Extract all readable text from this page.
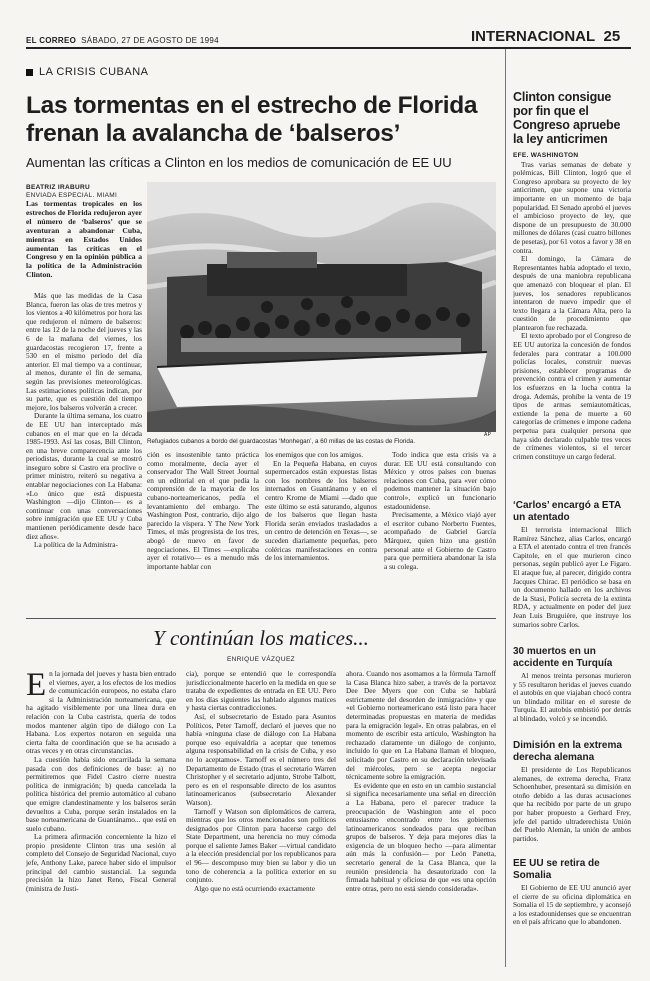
EL CORREO SÁBADO, 27 DE AGOSTO DE 1994	INTERNACIONAL 25
LA CRISIS CUBANA
Las tormentas en el estrecho de Florida frenan la avalancha de ‘balseros’
Aumentan las críticas a Clinton en los medios de comunicación de EE UU
BEATRIZ IRABURU
ENVIADA ESPECIAL. MIAMI
Las tormentas tropicales en los estrechos de Florida redujeron ayer el número de ‘balseros’ que se aventuran a abandonar Cuba, mientras en Estados Unidos aumentan las críticas en el Congreso y en la opinión pública a la política de la Administración Clinton.

Más que las medidas de la Casa Blanca, fueron las olas de tres metros y los vientos a 40 kilómetros por hora las que redujeron el número de balseros: entre las 12 de la noche del jueves y las 6 de la mañana del viernes, los guardacostas recogieron 17, frente a 530 en el mismo período del día anterior. El mal tiempo va a continuar, al menos, durante el fin de semana, según las previsiones meteorológicas. Las estimaciones políticas indican, por su parte, que es cuestión del tiempo mejore, los balseros volverán a crecer.

Durante la última semana, los cuatro de EE UU han interceptado más cubanos en el mar que en la década 1985-1993. Así las cosas, Bill Clinton, en una breve comparecencia ante los periodistas, durante la cual se mostró inseguro sobre si Castro era proclive o primer ministro, reiteró su negativa a entablar negociaciones con La Habana: «Lo único que está dispuesta Washington —dijo Clinton— es a continuar con unas conversaciones sobre inmigración que EE UU y Cuba mantienen periódicamente desde hace diez años».

La política de la Administra-

Refugiados cubanos a bordo del guardacostas ‘Monhegan’, a 60 millas de las costas de Florida.
AP

ción es insostenible tanto práctica como moralmente, decía ayer el conservador The Wall Street Journal en un editorial en el que pedía la comprensión de la mayoría de los cubano-norteamericanos, pedía el levantamiento del embargo. The Washington Post, contrario, dijo algo parecido la víspera. Y The New York Times, el más progresista de los tres, abogó de nuevo en favor de negociaciones. El Times —explicaba ayer el rotativo— es a menudo más importante hablar con

los enemigos que con los amigos.

En la Pequeña Habana, en cuyos supermercados están expuestas listas con los nombres de los balseros internados en Guantánamo y en el centro Krome de Miami —dado que este último se está saturando, algunos de los balseros que llegan hasta Florida serán enviados trasladados a un centro de detención en Texas—, se suceden diariamente pequeñas, pero coléricas manifestaciones en contra de los internamientos.

Todo indica que esta crisis va a durar. EE UU está consultando con México y otros países con buenas relaciones con Cuba, para «ver cómo podemos mantener la situación bajo control», explicó un funcionario estadounidense.

Precisamente, a México viajó ayer el escritor cubano Norberto Fuentes, acompañado de Gabriel García Márquez, quien hizo una gestión personal ante el Gobierno de Castro para que permitiera abandonar la isla a su colega.

Y continúan los matices...
ENRIQUE VÁZQUEZ
E n la jornada del jueves y hasta bien entrado el viernes, ayer, a los efectos de los medios de comunicación europeos, no estaba claro si la Administración norteamericana, que ha agitado visiblemente por una línea dura en relación con la Cuba castrista, quería de todos modos mantener algún tipo de diálogo con La Habana. Los expertos notaron en seguida una cierta falta de coordinación que se ha acusado a otras veces y en otras circunstancias.

La cuestión había sido encarrilada la semana pasada con dos definiciones de base: a) no permitiremos que Fidel Castro cierre nuestra política de inmigración; b) queda cancelada la política histórica del premio automático al cubano que emigre clandestinamente y los balseros serán devueltos a Cuba, porque serán instalados en la base norteamericana de Guantánamo... que está en suelo cubano.

La primera afirmación concerniente la hizo el propio presidente Clinton tras una sesión al completo del Consejo de Seguridad Nacional, cuyo jefe, Anthony Lake, parece haber sido el impulsor principal del cambio sustancial. La segunda precisión la hizo Janet Reno, Fiscal General (ministra de Justi-

cia), porque se entendió que le correspondía jurisdiccionalmente hacerlo en la medida en que se trataba de expedientes de entrada en EE UU. Pero en los días siguientes las hablado algunos matices y hasta ciertas contradicciones.

Así, el subsecretario de Estado para Asuntos Políticos, Peter Tarnoff, declaró el jueves que no había «ninguna clase de diálogo con La Habana porque eso equivaldría a aceptar que tenemos alguna responsabilidad en la crisis de Cuba, y eso no lo aceptamos». Tarnoff es el número tres del Departamento de Estado (tras el secretario Warren Christopher y el secretario adjunto, Strobe Talbott, pero es en el responsable directo de los asuntos latinoamericanos (subsecretario Alexander Watson).

Tarnoff y Watson son diplomáticos de carrera, mientras que los otros mencionados son políticos designados por Clinton para hacerse cargo del State Department, una herencia no muy cómoda porque el saliente James Baker —virtual candidato a la elección presidencial por los republicanos para el 96— descompuso muy bien su labor y dio un tono de coherencia a la política exterior en su conjunto.

Algo que no está ocurriendo exactamente

ahora. Cuando nos asomamos a la fórmula Tarnoff la Casa Blanca hizo saber, a través de la portavoz Dee Dee Myers que con Cuba se hablará estrictamente del desorden de inmigración» y que «el Gobierno norteamericano está listo para hacer determinadas propuestas en materia de medidas para la emigración legal». En otras palabras, en el momento de escribir esta artículo, Washington ha rechazado claramente un diálogo de conjunto, incluido lo que en La Habana llaman el bloqueo, solicitado por Castro en su declaración televisada del miércoles, pero se acepta negociar técnicamente sobre la emigración.

Es evidente que en esto en un cambio sustancial si significa necesariamente una señal en dirección a La Habana, pero el parecer traduce la preocupación de Washington ante el poco entusiasmo encontrado entre los gobiernos latinoamericanos sondeados para que reciban grupos de balseros. Y deja para mejores días la exigencia de un bloqueo hecho —para alimentar aún más la confusión— por León Panetta, secretario general de la Casa Blanca, que la reunión presidencia ha desautorizado con la firmada habitual y oficiosa de que «es una opción entre otras, pero no está siendo considerada».

Clinton consigue por fin que el Congreso apruebe la ley anticrimen
EFE. WASHINGTON

Tras varias semanas de debate y polémicas, Bill Clinton, logró que el Congreso aprobara su proyecto de ley anticrimen, que supone una victoria importante en un momento de baja popularidad. El Senado aprobó el jueves el ambicioso proyecto de ley, que dispone de un presupuesto de 30.000 millones de dólares (casi cuatro billones de pesetas), por 61 votos a favor y 38 en contra.

El domingo, la Cámara de Representantes había adoptado el texto, después de una maniobra republicana que amenazó con bloquear el plan. El jueves, los senadores republicanos intentaron de nuevo impedir que el texto llegara a la Cámara Alta, pero la cuestión de procedimiento que plantearon fue rechazada.

El texto aprobado por el Congreso de EE UU autoriza la concesión de fondos federales para contratar a 100.000 policías locales, construir nuevas prisiones, establecer programas de prevención contra el crimen y aumentar los esfuerzos en la lucha contra la droga. Además, prohíbe la venta de 19 tipos de armas semiautomáticas, extiende la pena de muerte a 60 categorías de crímenes e impone cadena perpetua para cualquier persona que haya sido declarado culpable tres veces de crímenes violentos, si el tercer crimen constituye un cargo federal.

‘Carlos’ encargó a ETA un atentado

El terrorista internacional Illich Ramírez Sánchez, alias Carlos, encargó a ETA el atentado contra el tren francés Capitole, en el que murieron cinco personas, según publicó ayer Le Figaro. El ataque fue, al parecer, dirigido contra Jacques Chirac. El periódico se basa en un documento hallado en los archivos de la Stasi, Policía secreta de la extinta RDA, y actualmente en poder del juez Jean Luis Bruguière, que instruye los sumarios sobre Carlos.

30 muertos en un accidente en Turquía

Al menos treinta personas murieron y 55 resultaron heridas el jueves cuando el autobús en que viajaban chocó contra un blindado militar en el sureste de Turquía. El autobús embistió por detrás al blindado, volcó y se incendió.

Dimisión en la extrema derecha alemana

El presidente de Los Republicanos alemanes, de extrema derecha, Franz Schoenhuber, presentará su dimisión en otoño debido a las duras acusaciones que ha recibido por parte de un grupo por haber propuesto a Gerhard Frey, jefe del partido ultraderechista Unión del Pueblo Alemán, la unión de ambos partidos.

EE UU se retira de Somalia

El Gobierno de EE UU anunció ayer el cierre de su oficina diplomática en Somalia el 15 de septiembre, y aconsejó a los estadounidenses que se encuentran en el país africano que lo abandonen.
